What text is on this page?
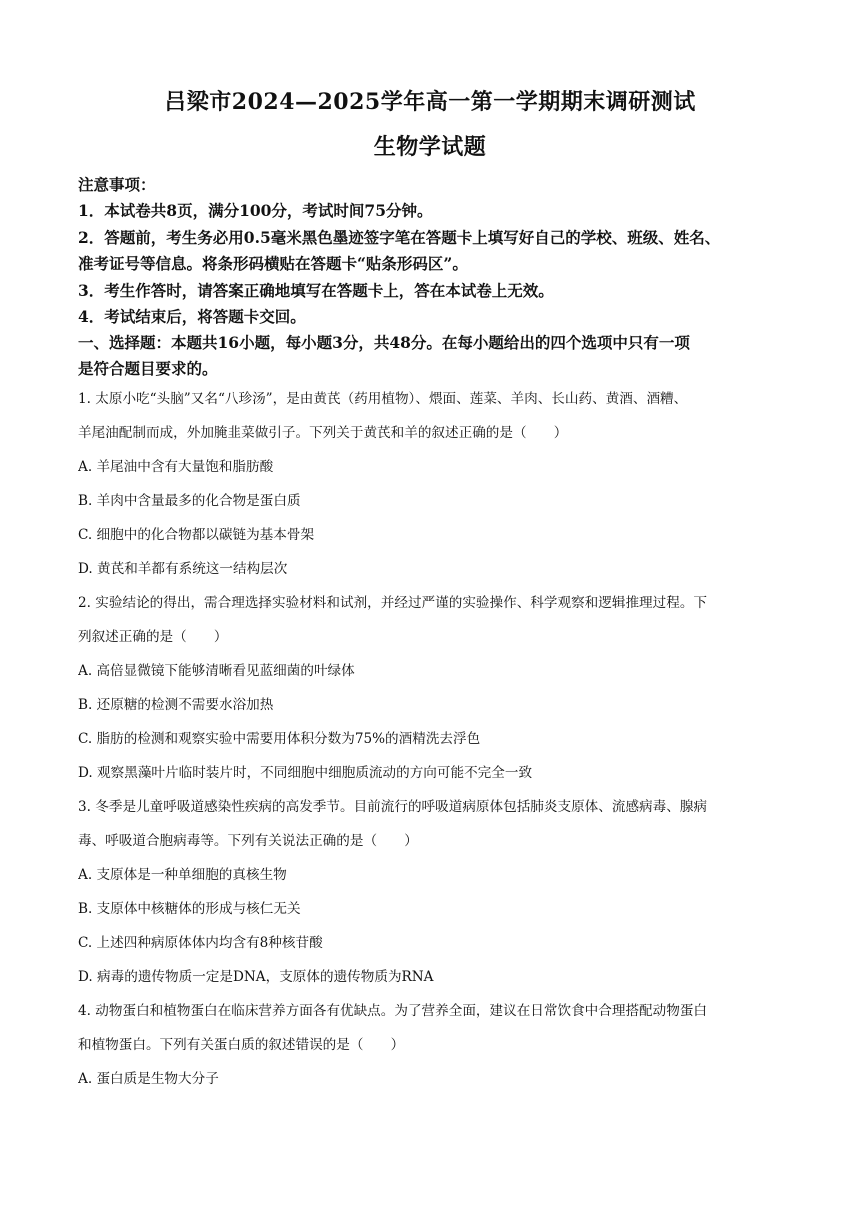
吕梁市2024—2025学年高一第一学期期末调研测试
生物学试题
注意事项：
1．本试卷共8页，满分100分，考试时间75分钟。
2．答题前，考生务必用0.5毫米黑色墨迹签字笔在答题卡上填写好自己的学校、班级、姓名、
准考证号等信息。将条形码横贴在答题卡“贴条形码区”。
3．考生作答时，请答案正确地填写在答题卡上，答在本试卷上无效。
4．考试结束后，将答题卡交回。
一、选择题：本题共16小题，每小题3分，共48分。在每小题给出的四个选项中只有一项
是符合题目要求的。
1. 太原小吃“头脑”又名“八珍汤”，是由黄芪（药用植物）、煨面、莲菜、羊肉、长山药、黄酒、酒糟、
羊尾油配制而成，外加腌韭菜做引子。下列关于黄芪和羊的叙述正确的是（　　）
A. 羊尾油中含有大量饱和脂肪酸
B. 羊肉中含量最多的化合物是蛋白质
C. 细胞中的化合物都以碳链为基本骨架
D. 黄芪和羊都有系统这一结构层次
2. 实验结论的得出，需合理选择实验材料和试剂，并经过严谨的实验操作、科学观察和逻辑推理过程。下
列叙述正确的是（　　）
A. 高倍显微镜下能够清晰看见蓝细菌的叶绿体
B. 还原糖的检测不需要水浴加热
C. 脂肪的检测和观察实验中需要用体积分数为75%的酒精洗去浮色
D. 观察黑藻叶片临时装片时，不同细胞中细胞质流动的方向可能不完全一致
3. 冬季是儿童呼吸道感染性疾病的高发季节。目前流行的呼吸道病原体包括肺炎支原体、流感病毒、腺病
毒、呼吸道合胞病毒等。下列有关说法正确的是（　　）
A. 支原体是一种单细胞的真核生物
B. 支原体中核糖体的形成与核仁无关
C. 上述四种病原体体内均含有8种核苷酸
D. 病毒的遗传物质一定是DNA，支原体的遗传物质为RNA
4. 动物蛋白和植物蛋白在临床营养方面各有优缺点。为了营养全面，建议在日常饮食中合理搭配动物蛋白
和植物蛋白。下列有关蛋白质的叙述错误的是（　　）
A. 蛋白质是生物大分子
